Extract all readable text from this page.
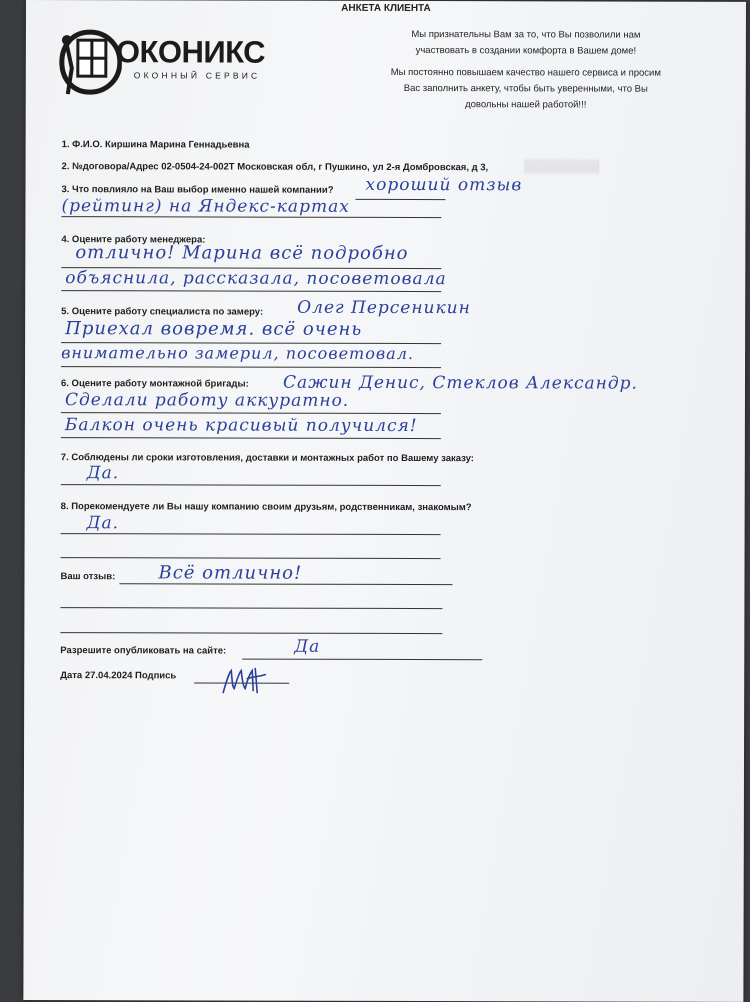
АНКЕТА КЛИЕНТА
ОКОНИКС
ОКОННЫЙ СЕРВИС
Мы признательны Вам за то, что Вы позволили нам
участвовать в создании комфорта в Вашем доме!
Мы постоянно повышаем качество нашего сервиса и просим
Вас заполнить анкету, чтобы быть уверенными, что Вы
довольны нашей работой!!!
1. Ф.И.О. Киршина Марина Геннадьевна
2. №договора/Адрес 02-0504-24-002Т Московская обл, г Пушкино, ул 2-я Домбровская, д 3,
3. Что повлияло на Ваш выбор именно нашей компании? хороший отзыв
(рейтинг) на Яндекс-картах
4. Oцените работу менеджера:
отлично! Марина всё подробно
объяснила, рассказала, посоветовала
5. Oцените работу специалиста по замеру: Олег Персеникин
Приехал вовремя. всё очень
внимательно замерил, посоветовал.
6. Oцените работу монтажной бригады: Сажин Денис, Стеклов Александр.
Сделали работу аккуратно.
Балкон очень красивый получился!
7. Соблюдены ли сроки изготовления, доставки и монтажных работ по Вашему заказу:
Да.
8. Порекомендуете ли Вы нашу компанию своим друзьям, родственникам, знакомым?
Да.
Ваш отзыв: Всё отлично!
Разрешите опубликовать на сайте:	Да
Дата 27.04.2024 Подпись
